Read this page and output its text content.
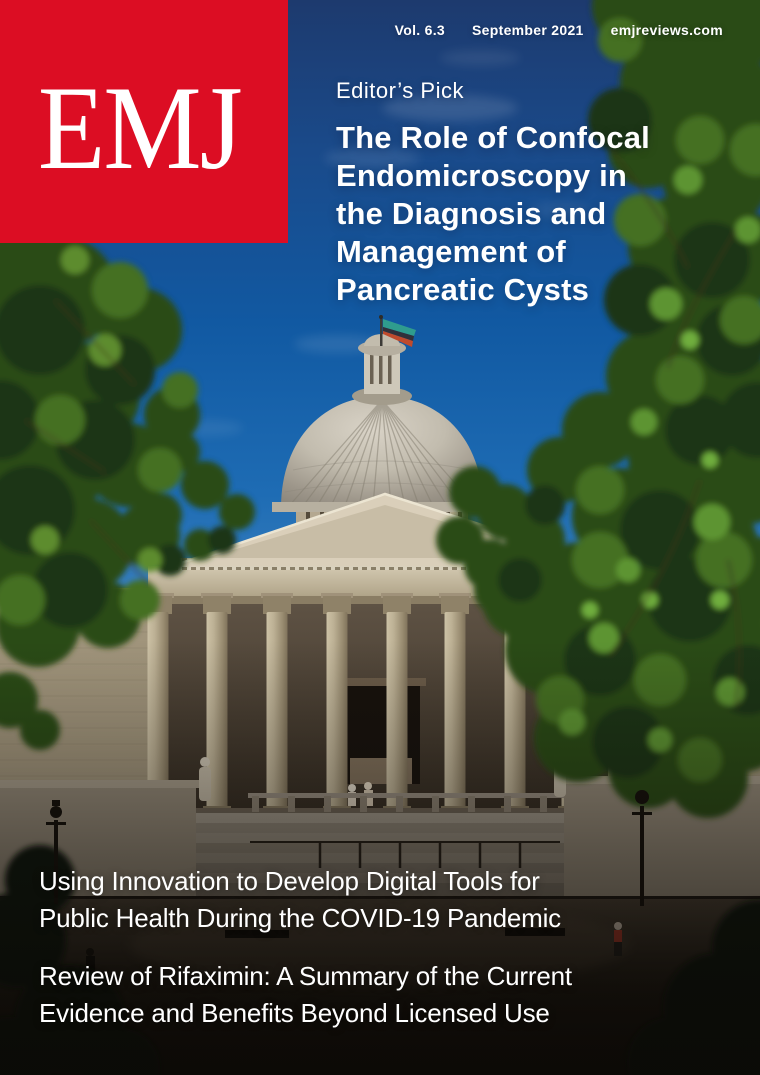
Vol. 6.3 September 2021 emjreviews.com
EMJ	Editor’s Pick
The Role of Confocal
Endomicroscopy in
the Diagnosis and
Management of
Pancreatic Cysts
Using Innovation to Develop Digital Tools for
Public Health During the COVID-19 Pandemic
Review of Rifaximin: A Summary of the Current
Evidence and Benefits Beyond Licensed Use
